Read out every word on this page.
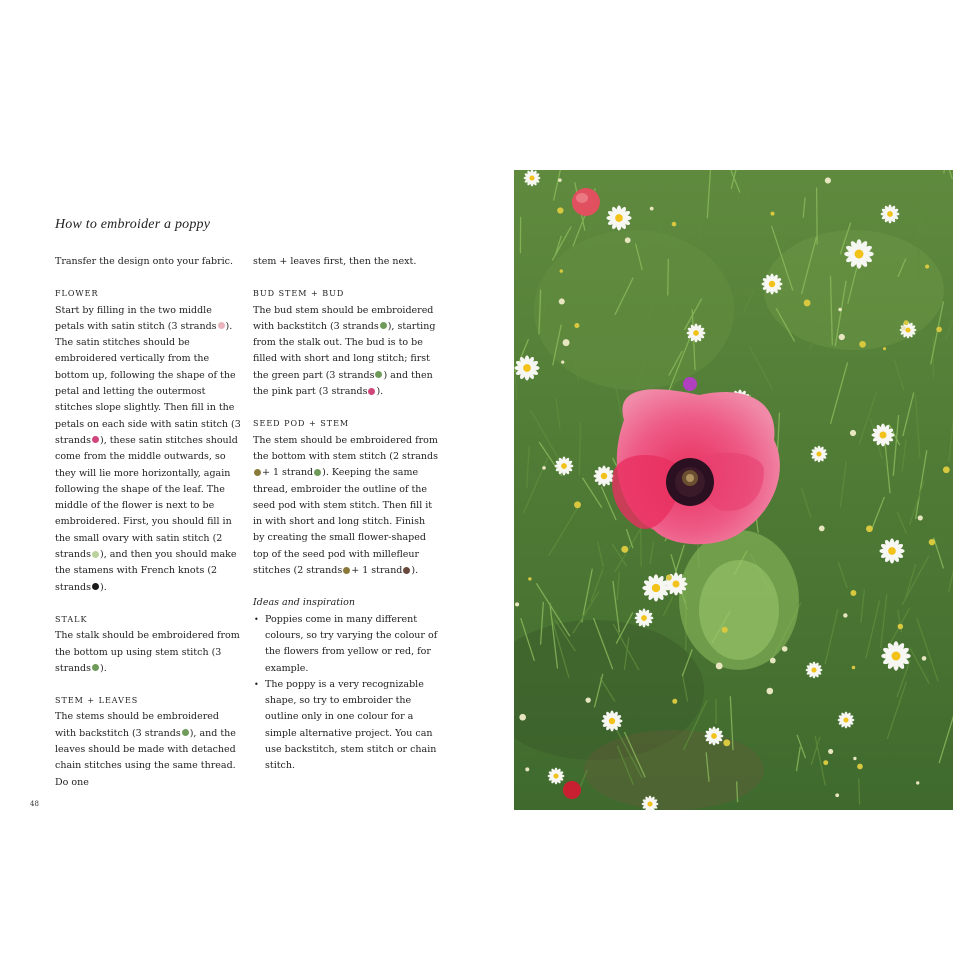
How to embroider a poppy

Transfer the design onto your fabric.

FLOWER

Start by filling in the two middle petals with satin stitch (3 strands ). The satin stitches should be embroidered vertically from the bottom up, following the shape of the petal and letting the outermost stitches slope slightly. Then fill in the petals on each side with satin stitch (3 strands ), these satin stitches should come from the middle outwards, so they will lie more horizontally, again following the shape of the leaf. The middle of the flower is next to be embroidered. First, you should fill in the small ovary with satin stitch (2 strands ), and then you should make the stamens with French knots (2 strands ).

STALK

The stalk should be embroidered from the bottom up using stem stitch (3 strands ).

STEM + LEAVES

The stems should be embroidered with backstitch (3 strands ), and the leaves should be made with detached chain stitches using the same thread. Do one

stem + leaves first, then the next.

BUD STEM + BUD

The bud stem should be embroidered with backstitch (3 strands ), starting from the stalk out. The bud is to be filled with short and long stitch; first the green part (3 strands ) and then the pink part (3 strands ).

SEED POD + STEM

The stem should be embroidered from the bottom with stem stitch (2 strands + 1 strand ). Keeping the same thread, embroider the outline of the seed pod with stem stitch. Then fill it in with short and long stitch. Finish by creating the small flower-shaped top of the seed pod with millefleur stitches (2 strands + 1 strand ).

Ideas and inspiration

• Poppies come in many different colours, so try varying the colour of the flowers from yellow or red, for example.
• The poppy is a very recognizable shape, so try to embroider the outline only in one colour for a simple alternative project. You can use backstitch, stem stitch or chain stitch.
48
